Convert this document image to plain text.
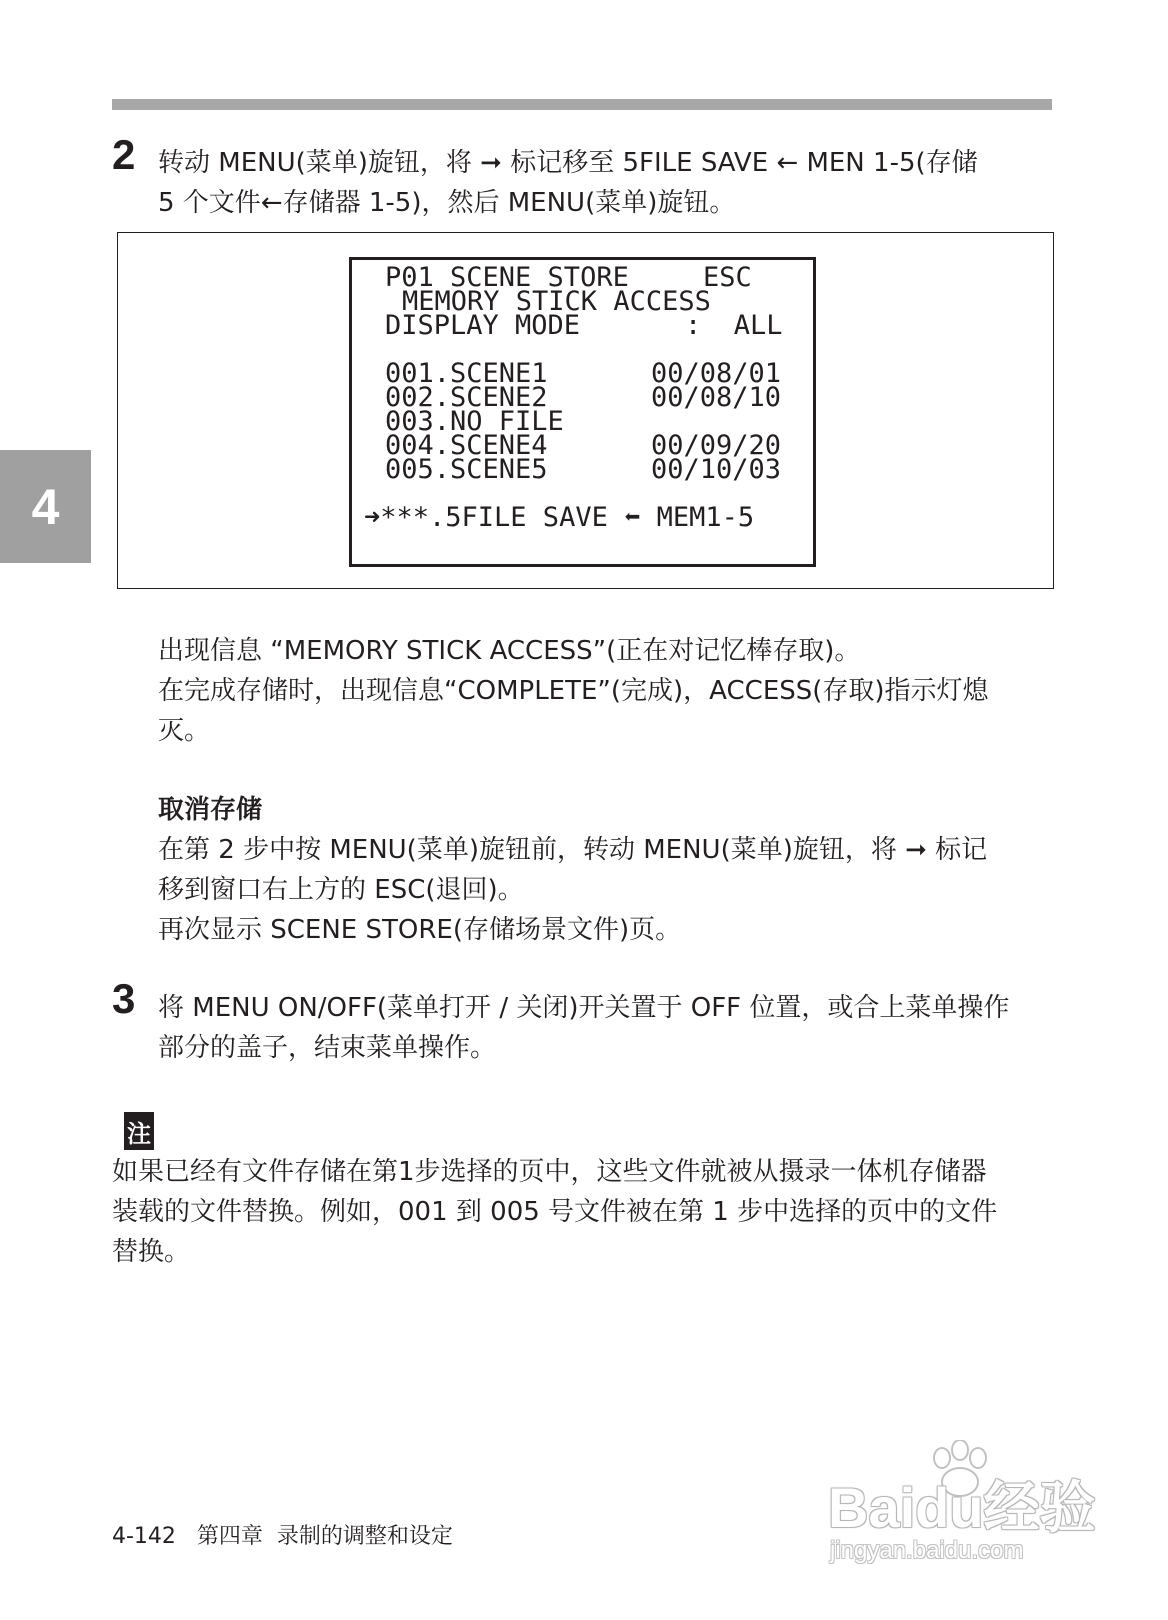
4
2 转动 MENU(菜单)旋钮，将 ➞ 标记移至 5FILE SAVE ← MEN 1-5(存储

5 个文件←存储器 1-5)，然后 MENU(菜单)旋钮。

P01 SCENE STORE	ESC
MEMORY STICK ACCESS
DISPLAY MODE	:  ALL
001.SCENE1	00/08/01
002.SCENE2	00/08/10
003.NO FILE
004.SCENE4	00/09/20
005.SCENE5	00/10/03
➜***.5FILE SAVE ⬅ MEM1-5

出现信息 “MEMORY STICK ACCESS”(正在对记忆棒存取)。

在完成存储时，出现信息“COMPLETE”(完成)，ACCESS(存取)指示灯熄

灭。

取消存储

在第 2 步中按 MENU(菜单)旋钮前，转动 MENU(菜单)旋钮，将 ➞ 标记

移到窗口右上方的 ESC(退回)。

再次显示 SCENE STORE(存储场景文件)页。

3 将 MENU ON/OFF(菜单打开 / 关闭)开关置于 OFF 位置，或合上菜单操作

部分的盖子，结束菜单操作。

注
如果已经有文件存储在第1步选择的页中，这些文件就被从摄录一体机存储器
装载的文件替换。例如，001 到 005 号文件被在第 1 步中选择的页中的文件
替换。
4-142 第四章  录制的调整和设定	Baidu经验
jingyan.baidu.com
